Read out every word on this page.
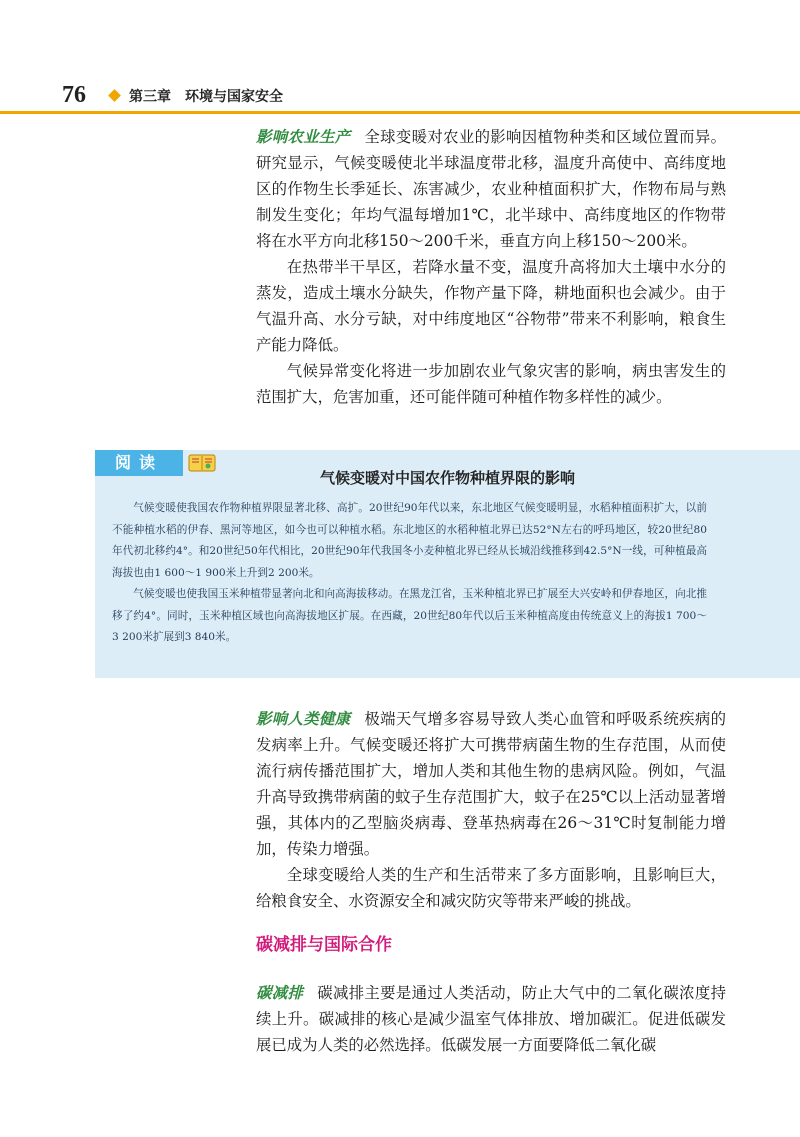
76	第三章　环境与国家安全

影响农业生产 全球变暖对农业的影响因植物种类和区域位置而异。研究显示，气候变暖使北半球温度带北移，温度升高使中、高纬度地区的作物生长季延长、冻害减少，农业种植面积扩大，作物布局与熟制发生变化；年均气温每增加1℃，北半球中、高纬度地区的作物带将在水平方向北移150～200千米，垂直方向上移150～200米。

在热带半干旱区，若降水量不变，温度升高将加大土壤中水分的蒸发，造成土壤水分缺失，作物产量下降，耕地面积也会减少。由于气温升高、水分亏缺，对中纬度地区“谷物带”带来不利影响，粮食生产能力降低。

气候异常变化将进一步加剧农业气象灾害的影响，病虫害发生的范围扩大，危害加重，还可能伴随可种植作物多样性的减少。

阅读
气候变暖对中国农作物种植界限的影响

气候变暖使我国农作物种植界限显著北移、高扩。20世纪90年代以来，东北地区气候变暖明显，水稻种植面积扩大，以前不能种植水稻的伊春、黑河等地区，如今也可以种植水稻。东北地区的水稻种植北界已达52°N左右的呼玛地区，较20世纪80年代初北移约4°。和20世纪50年代相比，20世纪90年代我国冬小麦种植北界已经从长城沿线推移到42.5°N一线，可种植最高海拔也由1 600～1 900米上升到2 200米。

气候变暖也使我国玉米种植带显著向北和向高海拔移动。在黑龙江省，玉米种植北界已扩展至大兴安岭和伊春地区，向北推移了约4°。同时，玉米种植区域也向高海拔地区扩展。在西藏，20世纪80年代以后玉米种植高度由传统意义上的海拔1 700～3 200米扩展到3 840米。

影响人类健康 极端天气增多容易导致人类心血管和呼吸系统疾病的发病率上升。气候变暖还将扩大可携带病菌生物的生存范围，从而使流行病传播范围扩大，增加人类和其他生物的患病风险。例如，气温升高导致携带病菌的蚊子生存范围扩大，蚊子在25℃以上活动显著增强，其体内的乙型脑炎病毒、登革热病毒在26～31℃时复制能力增加，传染力增强。

全球变暖给人类的生产和生活带来了多方面影响，且影响巨大，给粮食安全、水资源安全和减灾防灾等带来严峻的挑战。

碳减排与国际合作

碳减排 碳减排主要是通过人类活动，防止大气中的二氧化碳浓度持续上升。碳减排的核心是减少温室气体排放、增加碳汇。促进低碳发展已成为人类的必然选择。低碳发展一方面要降低二氧化碳
